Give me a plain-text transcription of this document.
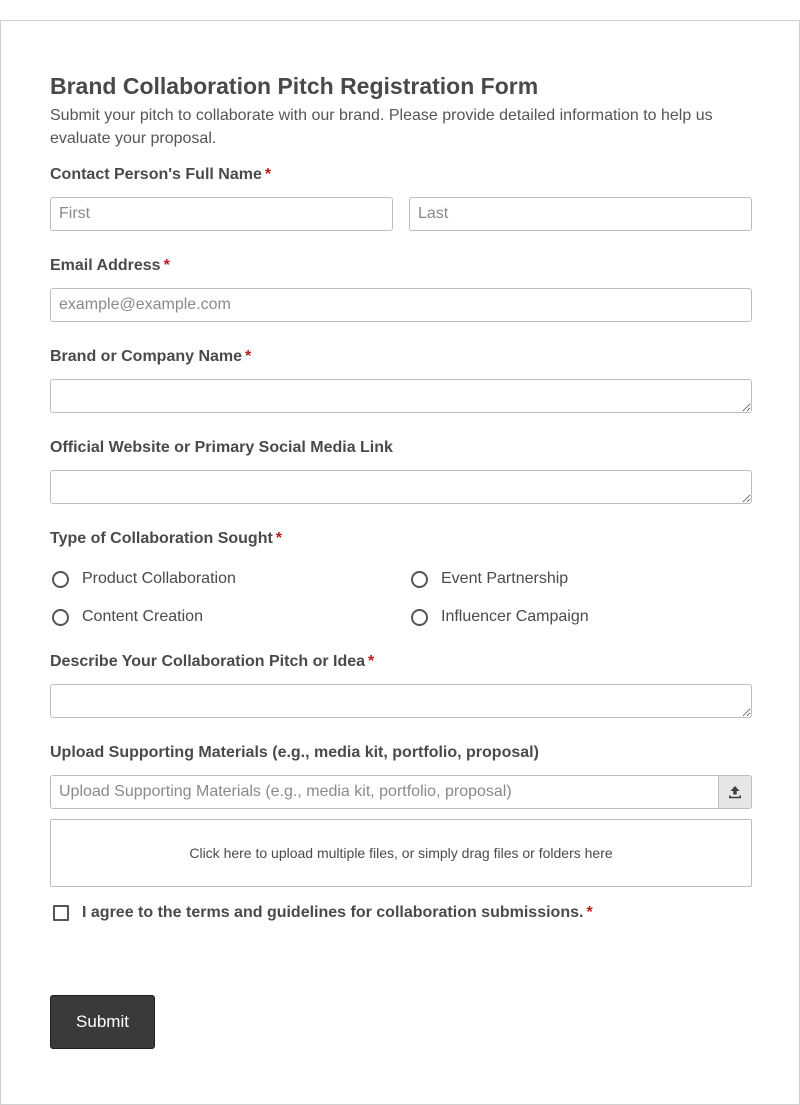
Brand Collaboration Pitch Registration Form
Submit your pitch to collaborate with our brand. Please provide detailed information to help us evaluate your proposal.
Contact Person's Full Name *
First
Last
Email Address *
example@example.com
Brand or Company Name *
Official Website or Primary Social Media Link
Type of Collaboration Sought *
Product Collaboration	Event Partnership
Content Creation	Influencer Campaign
Describe Your Collaboration Pitch or Idea *
Upload Supporting Materials (e.g., media kit, portfolio, proposal)
Upload Supporting Materials (e.g., media kit, portfolio, proposal)
Click here to upload multiple files, or simply drag files or folders here
I agree to the terms and guidelines for collaboration submissions. *
Submit
